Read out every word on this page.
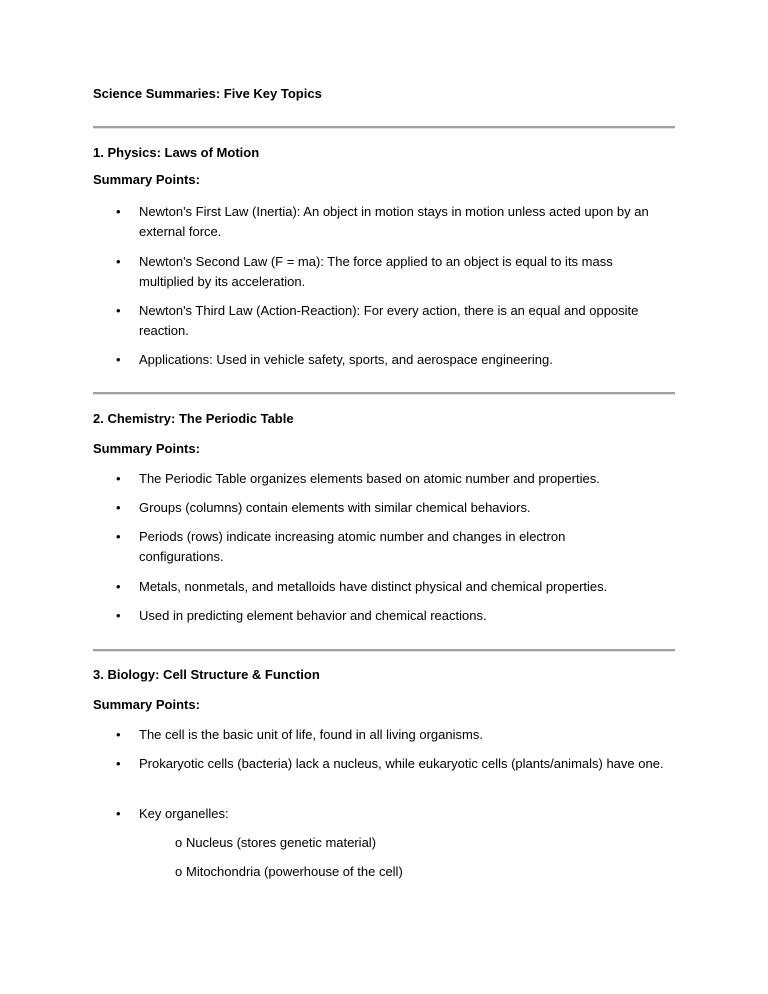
Science Summaries: Five Key Topics
1. Physics: Laws of Motion
Summary Points:
•	Newton's First Law (Inertia): An object in motion stays in motion unless acted upon by an external force.
•	Newton's Second Law (F = ma): The force applied to an object is equal to its mass multiplied by its acceleration.
•	Newton's Third Law (Action-Reaction): For every action, there is an equal and opposite reaction.
•	Applications: Used in vehicle safety, sports, and aerospace engineering.
2. Chemistry: The Periodic Table
Summary Points:
•	The Periodic Table organizes elements based on atomic number and properties.
•	Groups (columns) contain elements with similar chemical behaviors.
•	Periods (rows) indicate increasing atomic number and changes in electron configurations.
•	Metals, nonmetals, and metalloids have distinct physical and chemical properties.
•	Used in predicting element behavior and chemical reactions.
3. Biology: Cell Structure & Function
Summary Points:
•	The cell is the basic unit of life, found in all living organisms.
•	Prokaryotic cells (bacteria) lack a nucleus, while eukaryotic cells (plants/animals) have one.
•	Key organelles:
o Nucleus (stores genetic material)
o Mitochondria (powerhouse of the cell)
